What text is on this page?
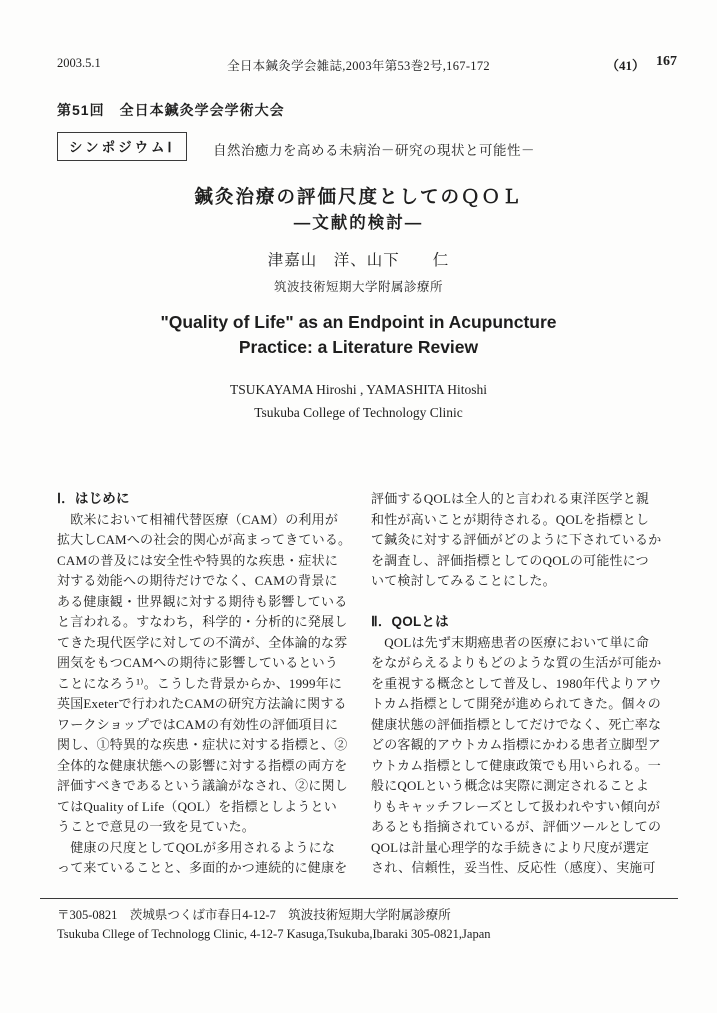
2003.5.1	全日本鍼灸学会雑誌,2003年第53巻2号,167-172	（41） 167
第51回　全日本鍼灸学会学術大会
シンポジウムⅠ	自然治癒力を高める未病治－研究の現状と可能性－
鍼灸治療の評価尺度としてのＱＯＬ
―文献的検討―
津嘉山　洋、山下　　仁
筑波技術短期大学附属診療所
"Quality of Life" as an Endpoint in Acupuncture
Practice: a Literature Review
TSUKAYAMA Hiroshi , YAMASHITA Hitoshi
Tsukuba College of Technology Clinic
Ⅰ．はじめに
　欧米において相補代替医療（CAM）の利用が
拡大しCAMへの社会的関心が高まってきている。
CAMの普及には安全性や特異的な疾患・症状に
対する効能への期待だけでなく、CAMの背景に
ある健康観・世界観に対する期待も影響している
と言われる。すなわち，科学的・分析的に発展し
てきた現代医学に対しての不満が、全体論的な雰
囲気をもつCAMへの期待に影響しているという
ことになろう¹⁾。こうした背景からか、1999年に
英国Exeterで行われたCAMの研究方法論に関する
ワークショップではCAMの有効性の評価項目に
関し、①特異的な疾患・症状に対する指標と、②
全体的な健康状態への影響に対する指標の両方を
評価すべきであるという議論がなされ、②に関し
てはQuality of Life（QOL）を指標としようとい
うことで意見の一致を見ていた。
　健康の尺度としてQOLが多用されるようにな
って来ていることと、多面的かつ連続的に健康を
評価するQOLは全人的と言われる東洋医学と親
和性が高いことが期待される。QOLを指標とし
て鍼灸に対する評価がどのように下されているか
を調査し、評価指標としてのQOLの可能性につ
いて検討してみることにした。
Ⅱ．QOLとは
　QOLは先ず末期癌患者の医療において単に命
をながらえるよりもどのような質の生活が可能か
を重視する概念として普及し、1980年代よりアウ
トカム指標として開発が進められてきた。個々の
健康状態の評価指標としてだけでなく、死亡率な
どの客観的アウトカム指標にかわる患者立脚型ア
ウトカム指標として健康政策でも用いられる。一
般にQOLという概念は実際に測定されることよ
りもキャッチフレーズとして扱われやすい傾向が
あるとも指摘されているが、評価ツールとしての
QOLは計量心理学的な手続きにより尺度が選定
され、信頼性，妥当性、反応性（感度）、実施可
〒305-0821　茨城県つくば市春日4-12-7　筑波技術短期大学附属診療所
Tsukuba Cllege of Technologg Clinic, 4-12-7 Kasuga,Tsukuba,Ibaraki 305-0821,Japan
